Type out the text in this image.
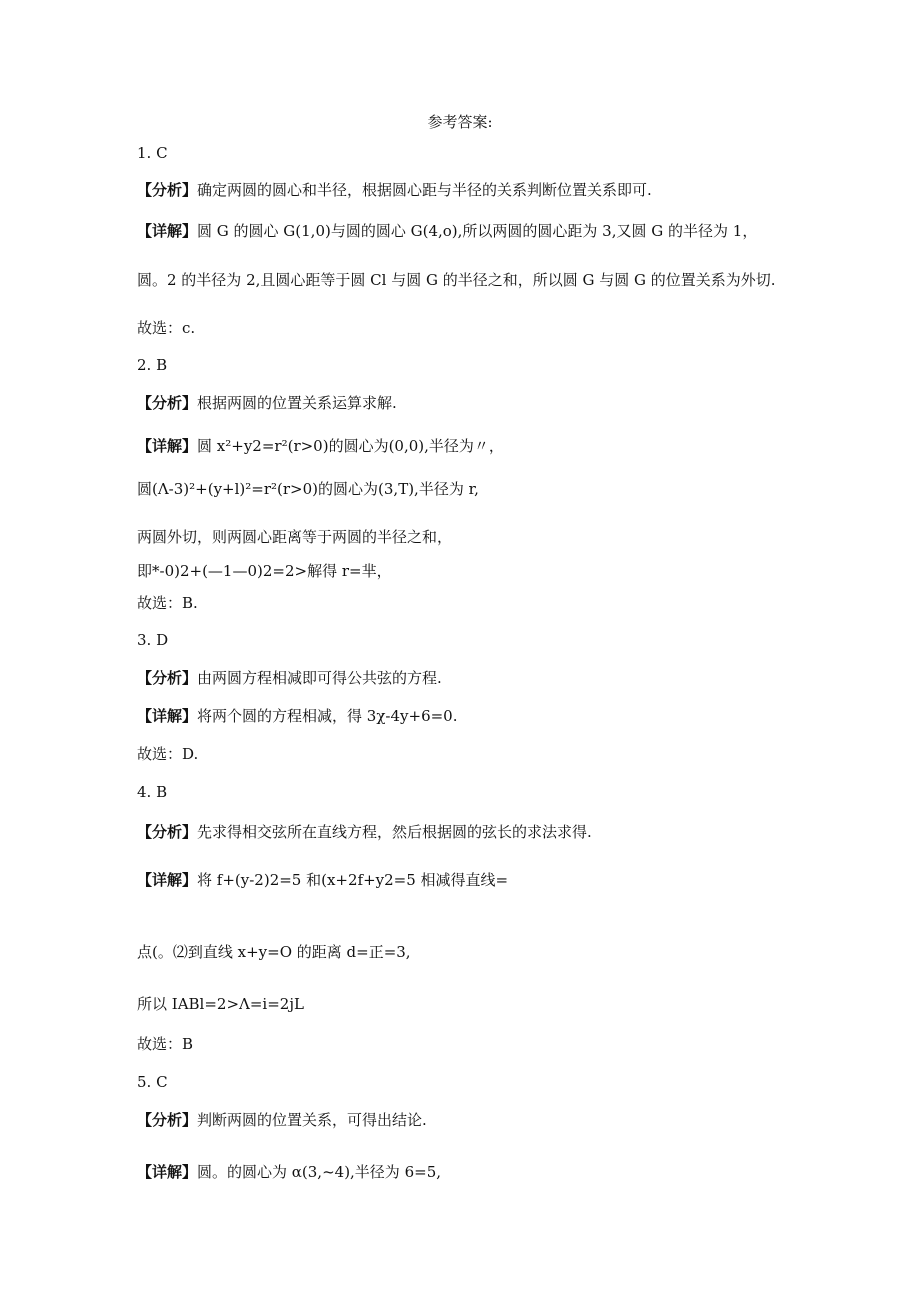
参考答案:
1. C
【分析】确定两圆的圆心和半径，根据圆心距与半径的关系判断位置关系即可.
【详解】圆 G 的圆心 G(1,0)与圆的圆心 G(4,o),所以两圆的圆心距为 3,又圆 G 的半径为 1，
圆。2 的半径为 2,且圆心距等于圆 Cl 与圆 G 的半径之和，所以圆 G 与圆 G 的位置关系为外切.
故选：c.
2. B
【分析】根据两圆的位置关系运算求解.
【详解】圆 x²+y2=r²(r>0)的圆心为(0,0),半径为〃，
圆(Λ-3)²+(y+l)²=r²(r>0)的圆心为(3,T),半径为 r,
两圆外切，则两圆心距离等于两圆的半径之和，
即*-0)2+(—1—0)2=2>解得 r=芈，
故选：B.
3. D
【分析】由两圆方程相减即可得公共弦的方程.
【详解】将两个圆的方程相减，得 3χ-4y+6=0.
故选：D.
4. B
【分析】先求得相交弦所在直线方程，然后根据圆的弦长的求法求得.
【详解】将 f+(y-2)2=5 和(x+2f+y2=5 相减得直线=
点(。⑵到直线 x+y=O 的距离 d=正=3,
所以 IABl=2>Λ=i=2jL
故选：B
5. C
【分析】判断两圆的位置关系，可得出结论.
【详解】圆。的圆心为 α(3,~4),半径为 6=5,
